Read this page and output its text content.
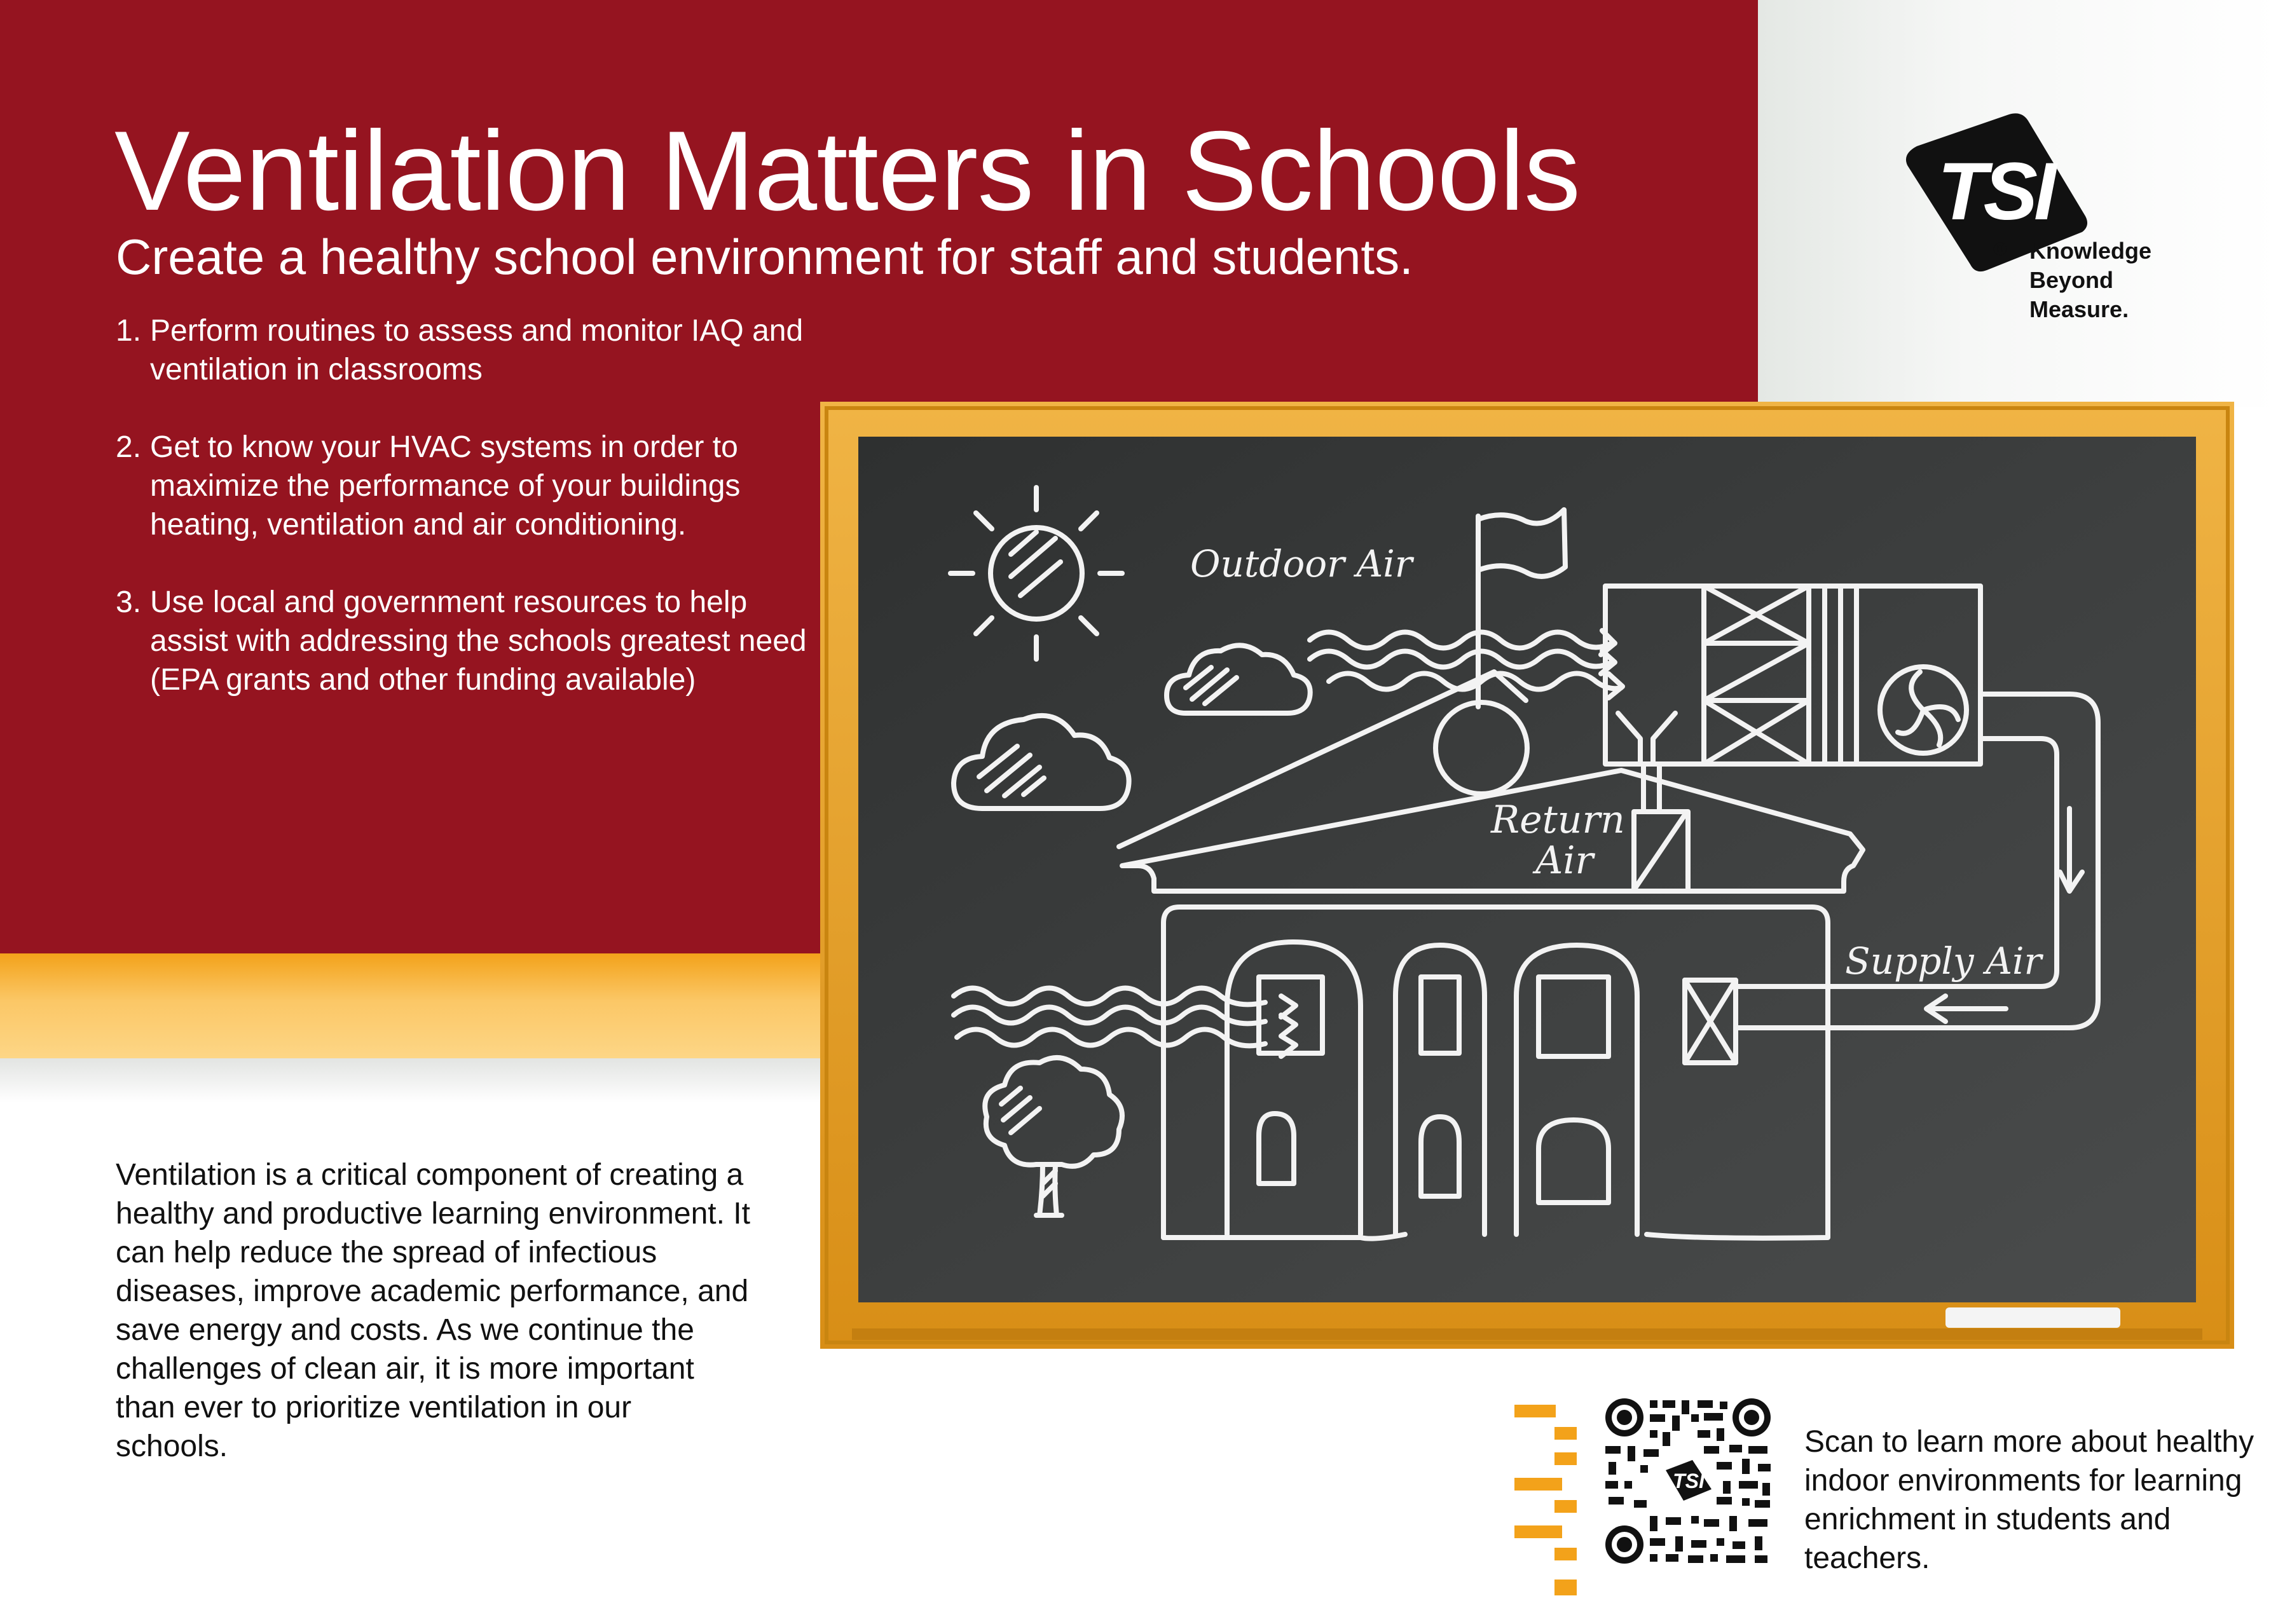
Ventilation Matters in Schools

Create a healthy school environment for staff and students.

1. Perform routines to assess and monitor IAQ and ventilation in classrooms
2. Get to know your HVAC systems in order to maximize the performance of your buildings heating, ventilation and air conditioning.
3. Use local and government resources to help assist with addressing the schools greatest need (EPA grants and other funding available)

Ventilation is a critical component of creating a healthy and productive learning environment. It can help reduce the spread of infectious diseases, improve academic performance, and save energy and costs. As we continue the challenges of clean air, it is more important than ever to prioritize ventilation in our schools.

TSI
® Knowledge
Beyond
Measure.
Outdoor Air
Return
Air
Supply Air
TSI

Scan to learn more about healthy indoor environments for learning enrichment in students and teachers.
